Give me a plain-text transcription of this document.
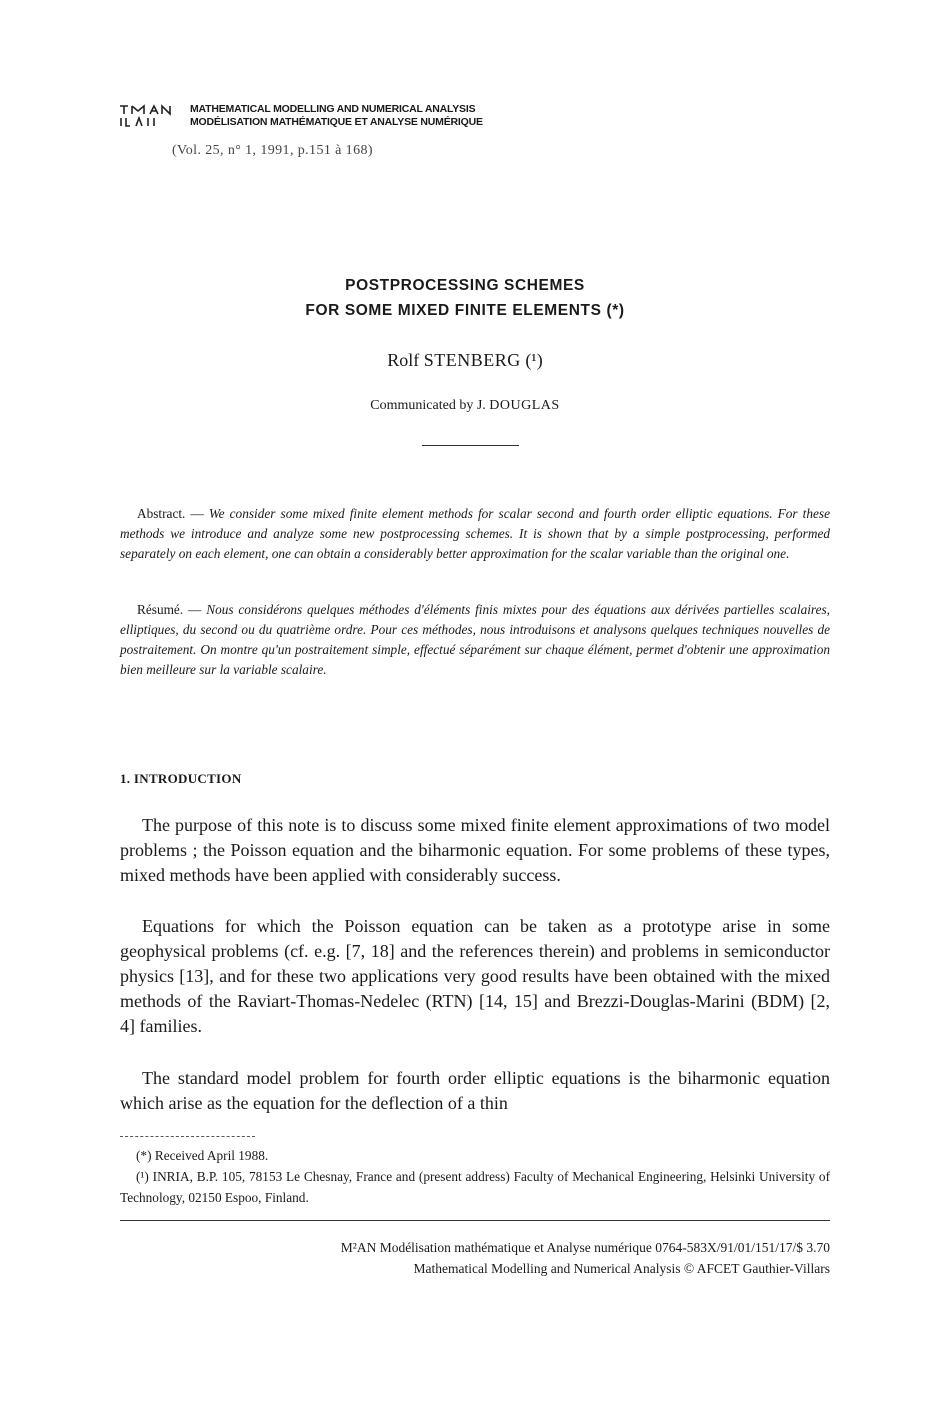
MATHEMATICAL MODELLING AND NUMERICAL ANALYSIS
MODÉLISATION MATHÉMATIQUE ET ANALYSE NUMÉRIQUE
(Vol. 25, n° 1, 1991, p.151 à 168)
POSTPROCESSING SCHEMES
FOR SOME MIXED FINITE ELEMENTS (*)
Rolf STENBERG (¹)
Communicated by J. DOUGLAS
Abstract. — We consider some mixed finite element methods for scalar second and fourth order elliptic equations. For these methods we introduce and analyze some new postprocessing schemes. It is shown that by a simple postprocessing, performed separately on each element, one can obtain a considerably better approximation for the scalar variable than the original one.
Résumé. — Nous considérons quelques méthodes d'éléments finis mixtes pour des équations aux dérivées partielles scalaires, elliptiques, du second ou du quatrième ordre. Pour ces méthodes, nous introduisons et analysons quelques techniques nouvelles de postraitement. On montre qu'un postraitement simple, effectué séparément sur chaque élément, permet d'obtenir une approximation bien meilleure sur la variable scalaire.
1. INTRODUCTION
The purpose of this note is to discuss some mixed finite element approximations of two model problems ; the Poisson equation and the biharmonic equation. For some problems of these types, mixed methods have been applied with considerably success.
Equations for which the Poisson equation can be taken as a prototype arise in some geophysical problems (cf. e.g. [7, 18] and the references therein) and problems in semiconductor physics [13], and for these two applications very good results have been obtained with the mixed methods of the Raviart-Thomas-Nedelec (RTN) [14, 15] and Brezzi-Douglas-Marini (BDM) [2, 4] families.
The standard model problem for fourth order elliptic equations is the biharmonic equation which arise as the equation for the deflection of a thin
(*) Received April 1988.
(¹) INRIA, B.P. 105, 78153 Le Chesnay, France and (present address) Faculty of Mechanical Engineering, Helsinki University of Technology, 02150 Espoo, Finland.
M²AN Modélisation mathématique et Analyse numérique 0764-583X/91/01/151/17/$ 3.70
Mathematical Modelling and Numerical Analysis © AFCET Gauthier-Villars
